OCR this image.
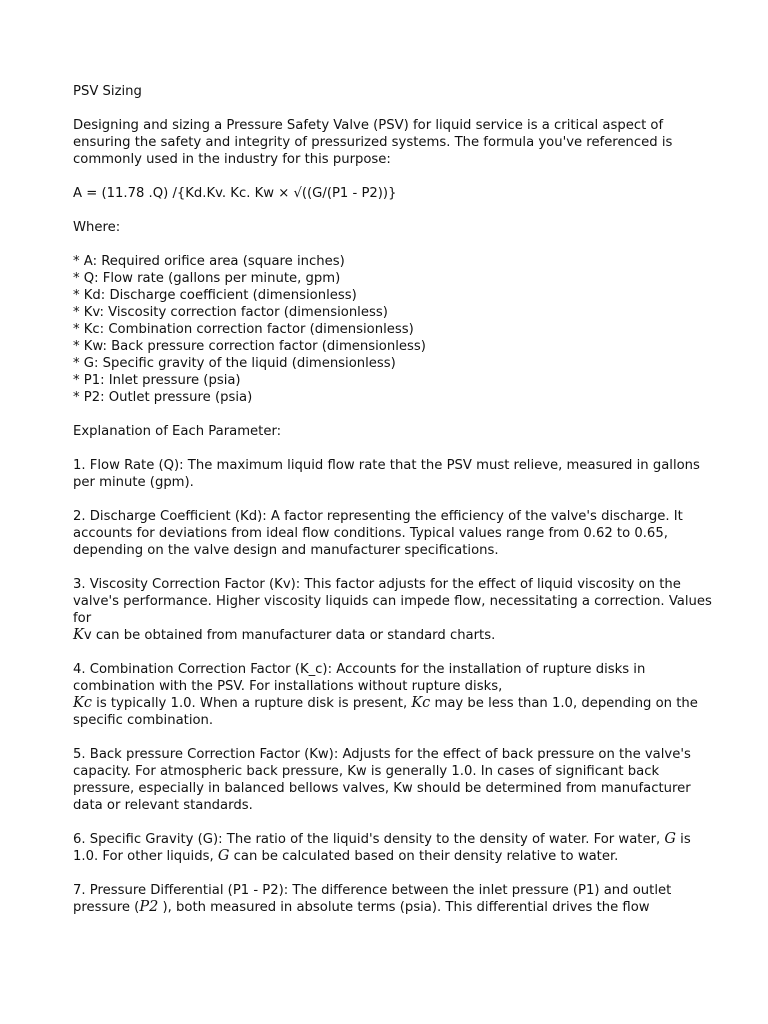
PSV Sizing

Designing and sizing a Pressure Safety Valve (PSV) for liquid service is a critical aspect of ensuring the safety and integrity of pressurized systems. The formula you've referenced is commonly used in the industry for this purpose:

A = (11.78 .Q) /{Kd.Kv. Kc. Kw × √((G/(P1 - P2))}

Where:

* A: Required orifice area (square inches)
* Q: Flow rate (gallons per minute, gpm)
* Kd: Discharge coefficient (dimensionless)
* Kv: Viscosity correction factor (dimensionless)
* Kc: Combination correction factor (dimensionless)
* Kw: Back pressure correction factor (dimensionless)
* G: Specific gravity of the liquid (dimensionless)
* P1: Inlet pressure (psia)
* P2: Outlet pressure (psia)

Explanation of Each Parameter:

1. Flow Rate (Q): The maximum liquid flow rate that the PSV must relieve, measured in gallons per minute (gpm).

2. Discharge Coefficient (Kd): A factor representing the efficiency of the valve's discharge. It accounts for deviations from ideal flow conditions. Typical values range from 0.62 to 0.65, depending on the valve design and manufacturer specifications.

3. Viscosity Correction Factor (Kv): This factor adjusts for the effect of liquid viscosity on the valve's performance. Higher viscosity liquids can impede flow, necessitating a correction. Values for
Kv can be obtained from manufacturer data or standard charts.

4. Combination Correction Factor (K_c): Accounts for the installation of rupture disks in combination with the PSV. For installations without rupture disks,
Kc is typically 1.0. When a rupture disk is present, Kc may be less than 1.0, depending on the specific combination.

5. Back pressure Correction Factor (Kw): Adjusts for the effect of back pressure on the valve's capacity. For atmospheric back pressure, Kw is generally 1.0. In cases of significant back pressure, especially in balanced bellows valves, Kw should be determined from manufacturer data or relevant standards.

6. Specific Gravity (G): The ratio of the liquid's density to the density of water. For water, G is 1.0. For other liquids, G can be calculated based on their density relative to water.

7. Pressure Differential (P1 - P2): The difference between the inlet pressure (P1) and outlet pressure (P2 ), both measured in absolute terms (psia). This differential drives the flow
